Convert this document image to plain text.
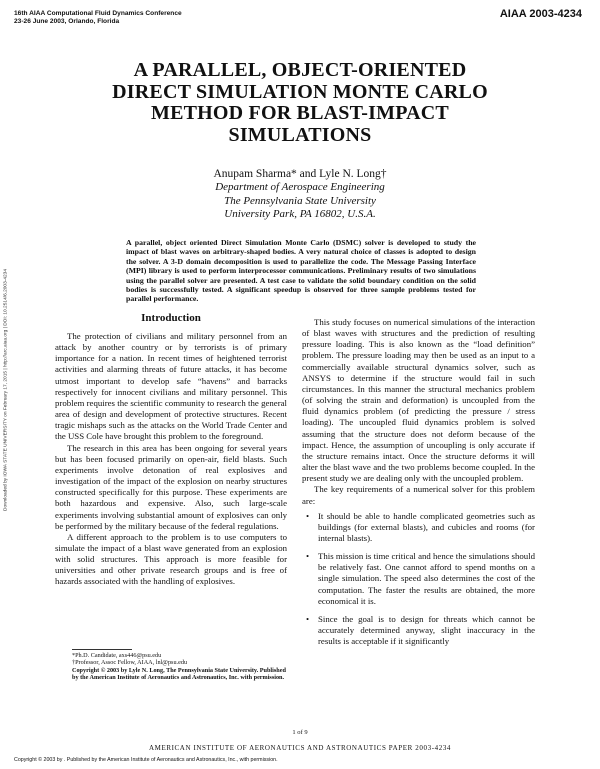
16th AIAA Computational Fluid Dynamics Conference
23-26 June 2003, Orlando, Florida
AIAA 2003-4234
A PARALLEL, OBJECT-ORIENTED
DIRECT SIMULATION MONTE CARLO
METHOD FOR BLAST-IMPACT
SIMULATIONS
Anupam Sharma* and Lyle N. Long†
Department of Aerospace Engineering
The Pennsylvania State University
University Park, PA 16802, U.S.A.
A parallel, object oriented Direct Simulation Monte Carlo (DSMC) solver is developed to study the impact of blast waves on arbitrary-shaped bodies. A very natural choice of classes is adopted to design the solver. A 3-D domain decomposition is used to parallelize the code. The Message Passing Interface (MPI) library is used to perform interprocessor communications. Preliminary results of two simulations using the parallel solver are presented. A test case to validate the solid boundary condition on the solid bodies is successfully tested. A significant speedup is observed for three sample problems tested for parallel performance.
Downloaded by IOWA STATE UNIVERSITY on February 17, 2015 | http://arc.aiaa.org | DOI: 10.2514/6.2003-4234	Introduction

The protection of civilians and military personnel from an attack by another country or by terrorists is of primary importance for a nation. In recent times of heightened terrorist activities and alarming threats of future attacks, it has become utmost important to develop safe “havens” and barracks respectively for innocent civilians and military personnel. This problem requires the scientific community to research the general area of design and development of protective structures. Recent tragic mishaps such as the attacks on the World Trade Center and the USS Cole have brought this problem to the foreground.

The research in this area has been ongoing for several years but has been focused primarily on open-air, field blasts. Such experiments involve detonation of real explosives and investigation of the impact of the explosion on nearby structures constructed specifically for this purpose. These experiments are both hazardous and expensive. Also, such large-scale experiments involving substantial amount of explosives can only be performed by the military because of the federal regulations.

A different approach to the problem is to use computers to simulate the impact of a blast wave generated from an explosion with solid structures. This approach is more feasible for universities and other private research groups and is free of hazards associated with the handling of explosives.

*Ph.D. Candidate, axs446@psu.edu

†Professor, Assoc Fellow, AIAA, lnl@psu.edu

Copyright © 2003 by Lyle N. Long, The Pennsylvania State University. Published by the American Institute of Aeronautics and Astronautics, Inc. with permission.

This study focuses on numerical simulations of the interaction of blast waves with structures and the prediction of resulting pressure loading. This is also known as the “load definition” problem. The pressure loading may then be used as an input to a commercially available structural dynamics solver, such as ANSYS to determine if the structure would fail in such circumstances. In this manner the structural mechanics problem (of solving the strain and deformation) is uncoupled from the fluid dynamics problem (of predicting the pressure / stress loading). The uncoupled fluid dynamics problem is solved assuming that the structure does not deform because of the impact. Hence, the assumption of uncoupling is only accurate if the structure remains intact. Once the structure deforms it will alter the blast wave and the two problems become coupled. In the present study we are dealing only with the uncoupled problem.

The key requirements of a numerical solver for this problem are:

• It should be able to handle complicated geometries such as buildings (for external blasts), and cubicles and rooms (for internal blasts).
• This mission is time critical and hence the simulations should be relatively fast. One cannot afford to spend months on a single simulation. The speed also determines the cost of the computation. The faster the results are obtained, the more economical it is.
• Since the goal is to design for threats which cannot be accurately determined anyway, slight inaccuracy in the results is acceptable if it significantly
1 of 9
AMERICAN INSTITUTE OF AERONAUTICS AND ASTRONAUTICS PAPER 2003-4234
Copyright © 2003 by . Published by the American Institute of Aeronautics and Astronautics, Inc., with permission.
